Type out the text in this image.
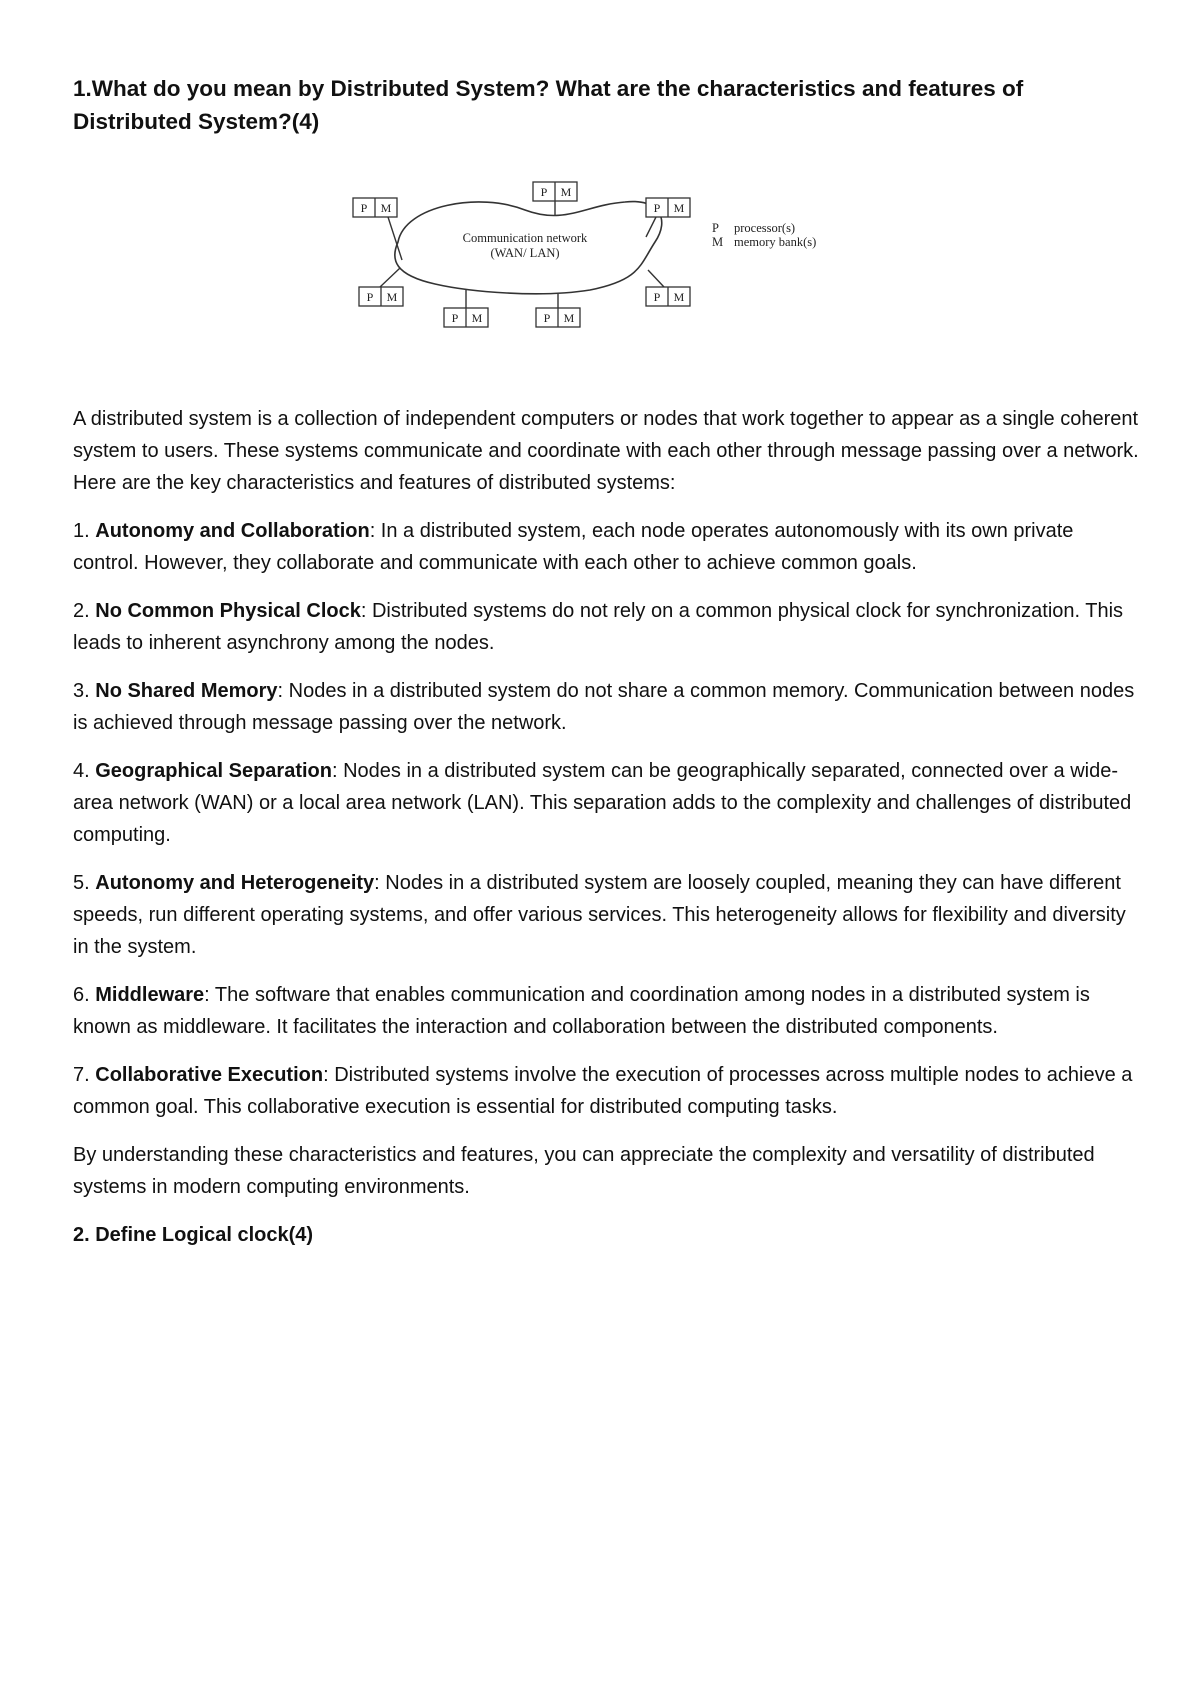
1.What do you mean by Distributed System? What are the characteristics and features of Distributed System?(4)
Communication network
(WAN/ LAN)
P M
P M
P M
P M
P M	P M
P M
P processor(s)
M memory bank(s)

A distributed system is a collection of independent computers or nodes that work together to appear as a single coherent system to users. These systems communicate and coordinate with each other through message passing over a network. Here are the key characteristics and features of distributed systems:

1. Autonomy and Collaboration: In a distributed system, each node operates autonomously with its own private control. However, they collaborate and communicate with each other to achieve common goals.

2. No Common Physical Clock: Distributed systems do not rely on a common physical clock for synchronization. This leads to inherent asynchrony among the nodes.

3. No Shared Memory: Nodes in a distributed system do not share a common memory. Communication between nodes is achieved through message passing over the network.

4. Geographical Separation: Nodes in a distributed system can be geographically separated, connected over a wide-area network (WAN) or a local area network (LAN). This separation adds to the complexity and challenges of distributed computing.

5. Autonomy and Heterogeneity: Nodes in a distributed system are loosely coupled, meaning they can have different speeds, run different operating systems, and offer various services. This heterogeneity allows for flexibility and diversity in the system.

6. Middleware: The software that enables communication and coordination among nodes in a distributed system is known as middleware. It facilitates the interaction and collaboration between the distributed components.

7. Collaborative Execution: Distributed systems involve the execution of processes across multiple nodes to achieve a common goal. This collaborative execution is essential for distributed computing tasks.

By understanding these characteristics and features, you can appreciate the complexity and versatility of distributed systems in modern computing environments.

2. Define Logical clock(4)
